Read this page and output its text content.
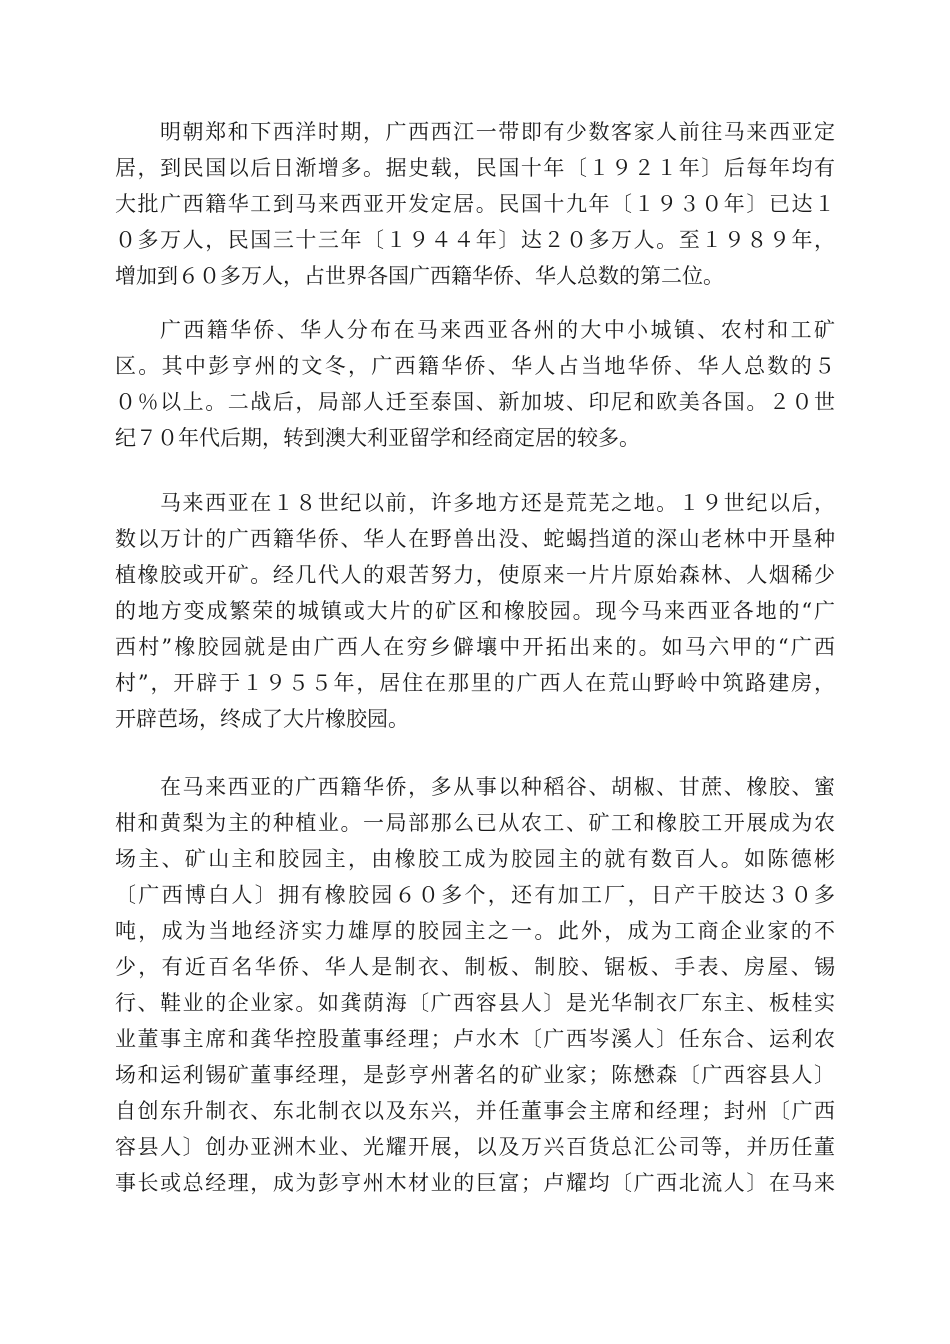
明朝郑和下西洋时期，广西西江一带即有少数客家人前往马来西亚定
居，到民国以后日渐增多。据史载，民国十年〔１９２１年〕后每年均有
大批广西籍华工到马来西亚开发定居。民国十九年〔１９３０年〕已达１
０多万人，民国三十三年〔１９４４年〕达２０多万人。至１９８９年，
增加到６０多万人，占世界各国广西籍华侨、华人总数的第二位。
广西籍华侨、华人分布在马来西亚各州的大中小城镇、农村和工矿
区。其中彭亨州的文冬，广西籍华侨、华人占当地华侨、华人总数的５
０％以上。二战后，局部人迁至泰国、新加坡、印尼和欧美各国。２０世
纪７０年代后期，转到澳大利亚留学和经商定居的较多。
马来西亚在１８世纪以前，许多地方还是荒芜之地。１９世纪以后，
数以万计的广西籍华侨、华人在野兽出没、蛇蝎挡道的深山老林中开垦种
植橡胶或开矿。经几代人的艰苦努力，使原来一片片原始森林、人烟稀少
的地方变成繁荣的城镇或大片的矿区和橡胶园。现今马来西亚各地的“广
西村”橡胶园就是由广西人在穷乡僻壤中开拓出来的。如马六甲的“广西
村”，开辟于１９５５年，居住在那里的广西人在荒山野岭中筑路建房，
开辟芭场，终成了大片橡胶园。
在马来西亚的广西籍华侨，多从事以种稻谷、胡椒、甘蔗、橡胶、蜜
柑和黄梨为主的种植业。一局部那么已从农工、矿工和橡胶工开展成为农
场主、矿山主和胶园主，由橡胶工成为胶园主的就有数百人。如陈德彬
〔广西博白人〕拥有橡胶园６０多个，还有加工厂，日产干胶达３０多
吨，成为当地经济实力雄厚的胶园主之一。此外，成为工商企业家的不
少，有近百名华侨、华人是制衣、制板、制胶、锯板、手表、房屋、锡
行、鞋业的企业家。如龚荫海〔广西容县人〕是光华制衣厂东主、板桂实
业董事主席和龚华控股董事经理；卢水木〔广西岑溪人〕任东合、运利农
场和运利锡矿董事经理，是彭亨州著名的矿业家；陈懋森〔广西容县人〕
自创东升制衣、东北制衣以及东兴，并任董事会主席和经理；封州〔广西
容县人〕创办亚洲木业、光耀开展，以及万兴百货总汇公司等，并历任董
事长或总经理，成为彭亨州木材业的巨富；卢耀均〔广西北流人〕在马来
